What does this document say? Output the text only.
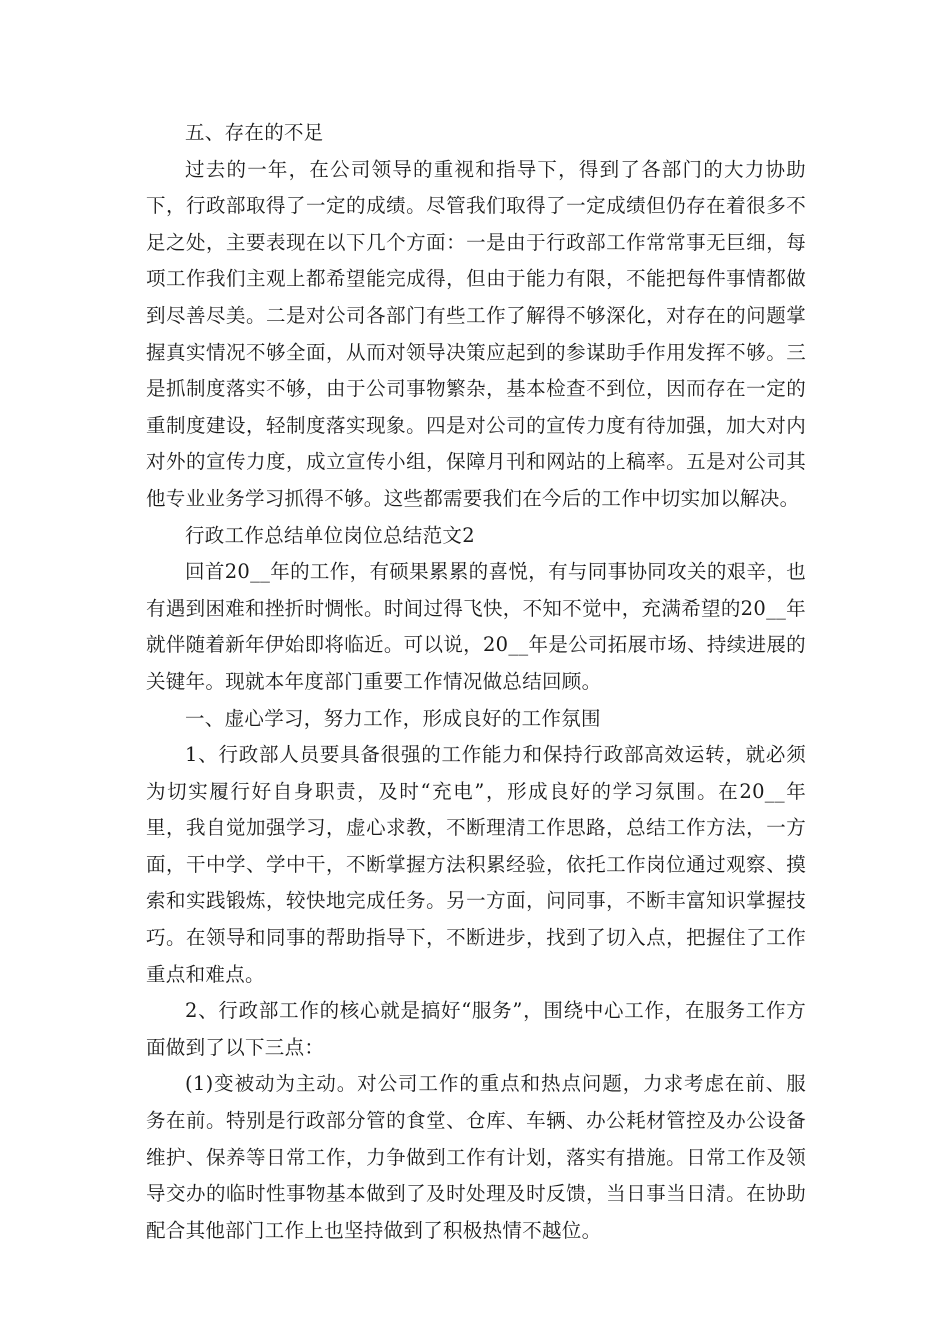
五、存在的不足

过去的一年，在公司领导的重视和指导下，得到了各部门的大力协助下，行政部取得了一定的成绩。尽管我们取得了一定成绩但仍存在着很多不足之处，主要表现在以下几个方面：一是由于行政部工作常常事无巨细，每项工作我们主观上都希望能完成得，但由于能力有限，不能把每件事情都做到尽善尽美。二是对公司各部门有些工作了解得不够深化，对存在的问题掌握真实情况不够全面，从而对领导决策应起到的参谋助手作用发挥不够。三是抓制度落实不够，由于公司事物繁杂，基本检查不到位，因而存在一定的重制度建设，轻制度落实现象。四是对公司的宣传力度有待加强，加大对内对外的宣传力度，成立宣传小组，保障月刊和网站的上稿率。五是对公司其他专业业务学习抓得不够。这些都需要我们在今后的工作中切实加以解决。

行政工作总结单位岗位总结范文2

回首20__年的工作，有硕果累累的喜悦，有与同事协同攻关的艰辛，也有遇到困难和挫折时惆怅。时间过得飞快，不知不觉中，充满希望的20__年就伴随着新年伊始即将临近。可以说，20__年是公司拓展市场、持续进展的关键年。现就本年度部门重要工作情况做总结回顾。

一、虚心学习，努力工作，形成良好的工作氛围

1、行政部人员要具备很强的工作能力和保持行政部高效运转，就必须为切实履行好自身职责，及时“充电”，形成良好的学习氛围。在20__年里，我自觉加强学习，虚心求教，不断理清工作思路，总结工作方法，一方面，干中学、学中干，不断掌握方法积累经验，依托工作岗位通过观察、摸索和实践锻炼，较快地完成任务。另一方面，问同事，不断丰富知识掌握技巧。在领导和同事的帮助指导下，不断进步，找到了切入点，把握住了工作重点和难点。

2、行政部工作的核心就是搞好“服务”，围绕中心工作，在服务工作方面做到了以下三点：

(1)变被动为主动。对公司工作的重点和热点问题，力求考虑在前、服务在前。特别是行政部分管的食堂、仓库、车辆、办公耗材管控及办公设备维护、保养等日常工作，力争做到工作有计划，落实有措施。日常工作及领导交办的临时性事物基本做到了及时处理及时反馈，当日事当日清。在协助配合其他部门工作上也坚持做到了积极热情不越位。
